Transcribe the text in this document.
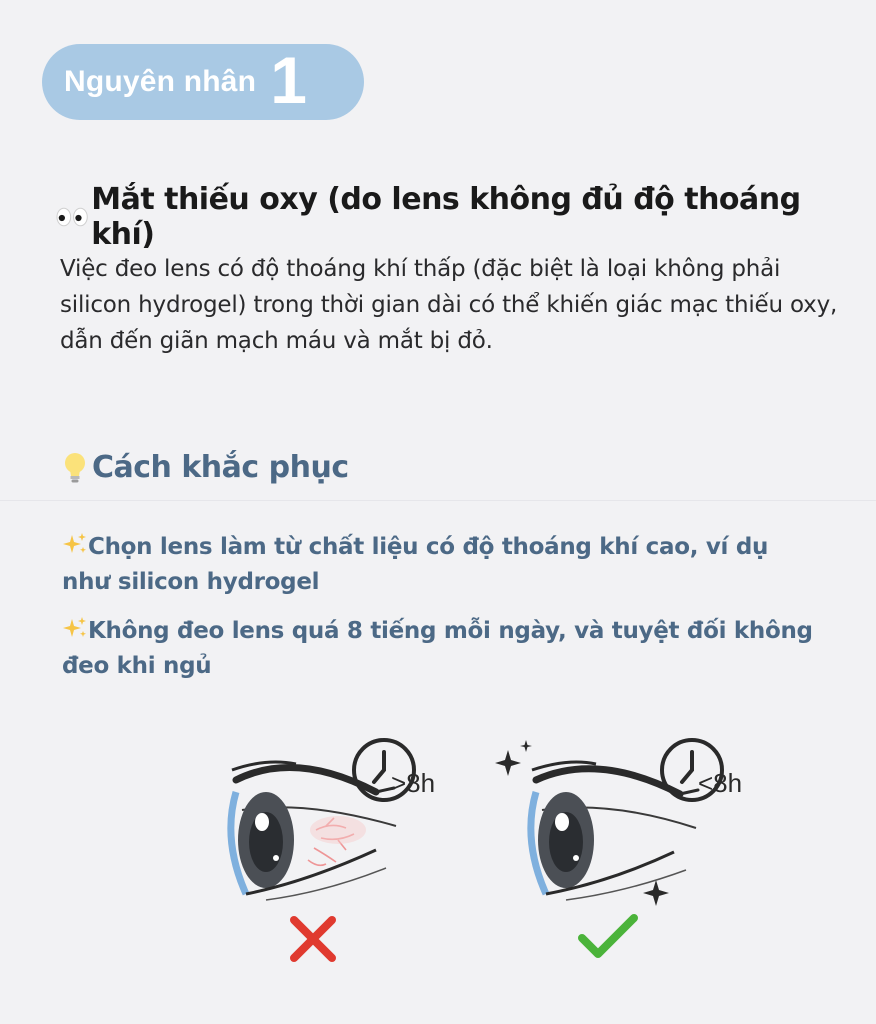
Nguyên nhân 1
Mắt thiếu oxy (do lens không đủ độ thoáng khí)
Việc đeo lens có độ thoáng khí thấp (đặc biệt là loại không phải silicon hydrogel) trong thời gian dài có thể khiến giác mạc thiếu oxy, dẫn đến giãn mạch máu và mắt bị đỏ.
Cách khắc phục
Chọn lens làm từ chất liệu có độ thoáng khí cao, ví dụ như silicon hydrogel
Không đeo lens quá 8 tiếng mỗi ngày, và tuyệt đối không đeo khi ngủ
>8h	<8h
